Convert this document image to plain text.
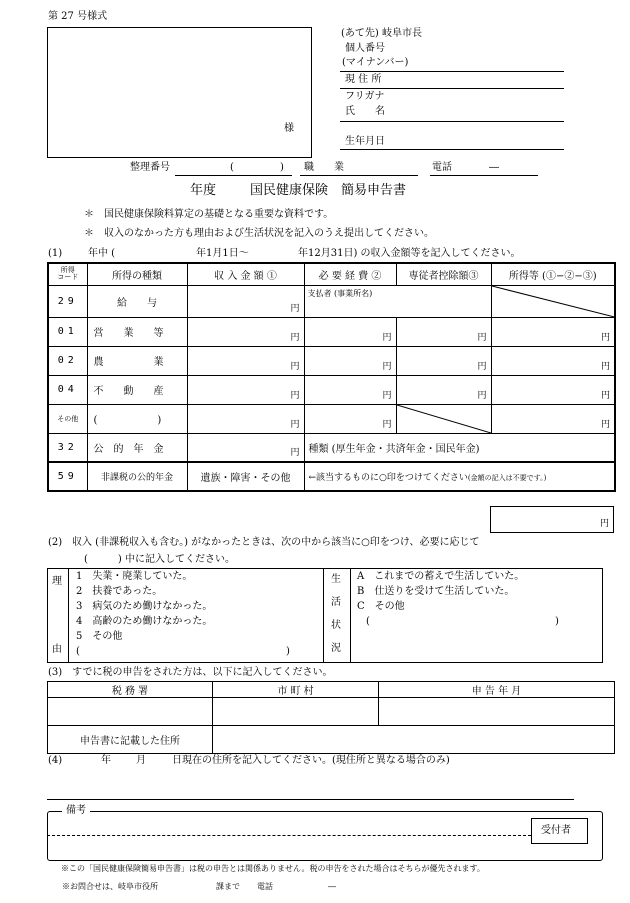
第 27 号様式
様
(あて先) 岐阜市長
個人番号
(マイナンバー)
現 住 所
フリガナ
氏　　名
生年月日
整理番号	(	) 職　　業	電話	―
年度	国民健康保険　簡易申告書
＊　国民健康保険料算定の基礎となる重要な資料です。
＊　収入のなかった方も理由および生活状況を記入のうえ提出してください。
(1)	年中 (	年1月1日～	年12月31日) の収入金額等を記入してください。
所得
コード	所得の種類	収 入 金 額 ①	必 要 経 費 ②	専従者控除額③	所得等 (①−②−③)
29	給　　与	円	$_{支払者 (事業所名)}$	

01	営　　業　　等	円	円	円	円

02	農　　　　　業	円	円	円	円

04	不　　動　　産	円	円	円	円

その他	(　　　　　　)	円	円		円

32	公　的　年　金	円	種類 (厚生年金・共済年金・国民年金)		
59	非課税の公的年金	遺族・障害・その他	←該当するものに○印をつけてください(金額の記入は不要です。)		
円
(2) 収入 (非課税収入も含む。) がなかったときは、次の中から該当に○印をつけ、必要に応じて
(　　　) 中に記入してください。
理
由
1　失業・廃業していた。
2　扶養であった。
3　病気のため働けなかった。
4　高齢のため働けなかった。
5　その他
(	)
生
活
状
況
A　これまでの蓄えで生活していた。
B　仕送りを受けて生活していた。
C　その他
(	)
(3)　すでに税の申告をされた方は、以下に記入してください。
税 務 署	市 町 村	申 告 年 月

申告書に記載した住所		
(4)	年	月	日現在の住所を記入してください。(現住所と異なる場合のみ)
備考
受付者
※この「国民健康保険簡易申告書」は税の申告とは関係ありません。税の申告をされた場合はそちらが優先されます。
※お問合せは、岐阜市役所	課まで 電話	―
